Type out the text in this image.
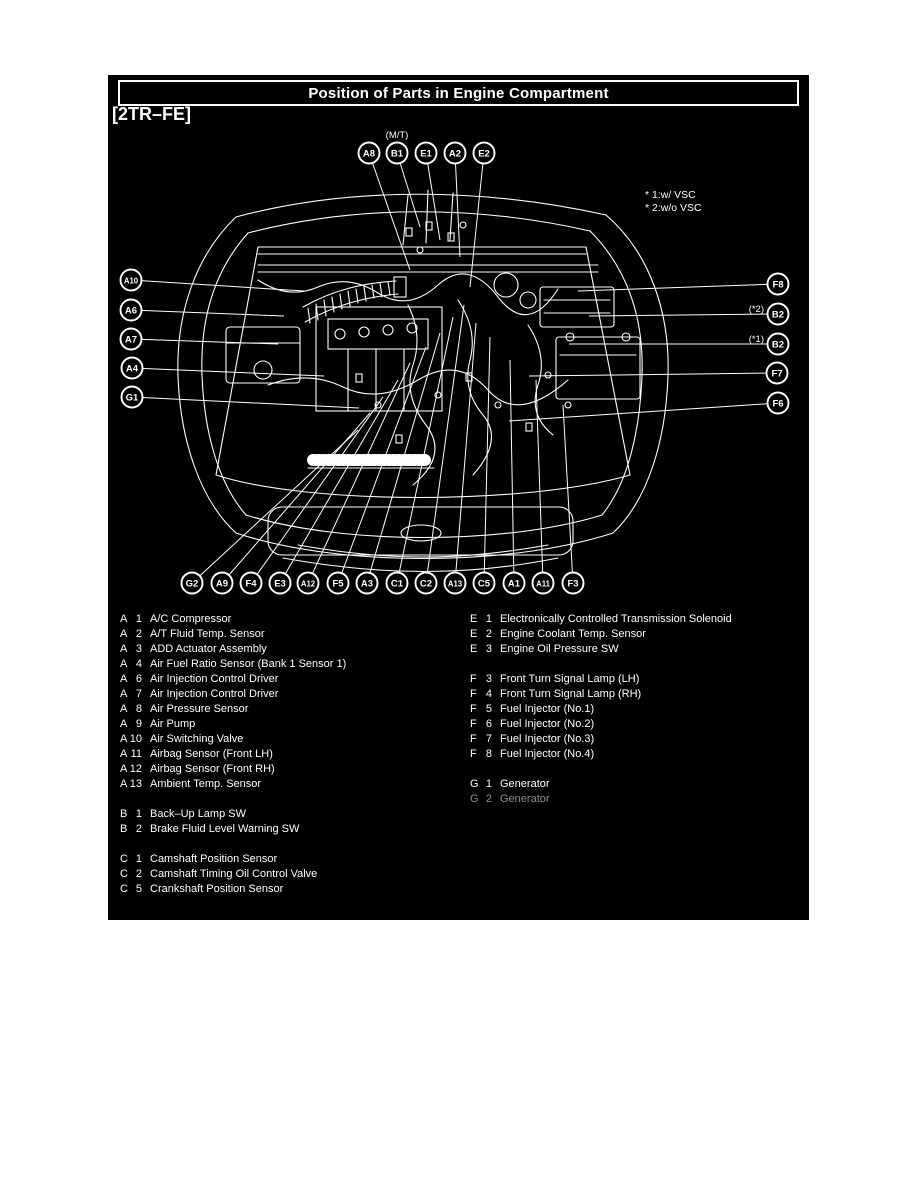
Position of Parts in Engine Compartment
[2TR–FE]
A8 B1 E1 A2 E2
A10
A6
A7
A4
G1
F8
B2
B2
F7
F6
G2 A9 F4 E3 A12 F5 A3 C1 C2 A13 C5 A1 A11 F3
(M/T)
(*2)
(*1)
* 1:w/ VSC
* 2:w/o VSC
A 1 A/C Compressor
A 2 A/T Fluid Temp. Sensor
A 3 ADD Actuator Assembly
A 4 Air Fuel Ratio Sensor (Bank 1 Sensor 1)
A 6 Air Injection Control Driver
A 7 Air Injection Control Driver
A 8 Air Pressure Sensor
A 9 Air Pump
A 10 Air Switching Valve
A 11 Airbag Sensor (Front LH)
A 12 Airbag Sensor (Front RH)
A 13 Ambient Temp. Sensor
B 1 Back–Up Lamp SW
B 2 Brake Fluid Level Warning SW
C 1 Camshaft Position Sensor
C 2 Camshaft Timing Oil Control Valve
C 5 Crankshaft Position Sensor
E 1 Electronically Controlled Transmission Solenoid
E 2 Engine Coolant Temp. Sensor
E 3 Engine Oil Pressure SW
F 3 Front Turn Signal Lamp (LH)
F 4 Front Turn Signal Lamp (RH)
F 5 Fuel Injector (No.1)
F 6 Fuel Injector (No.2)
F 7 Fuel Injector (No.3)
F 8 Fuel Injector (No.4)
G 1 Generator
G 2 Generator
